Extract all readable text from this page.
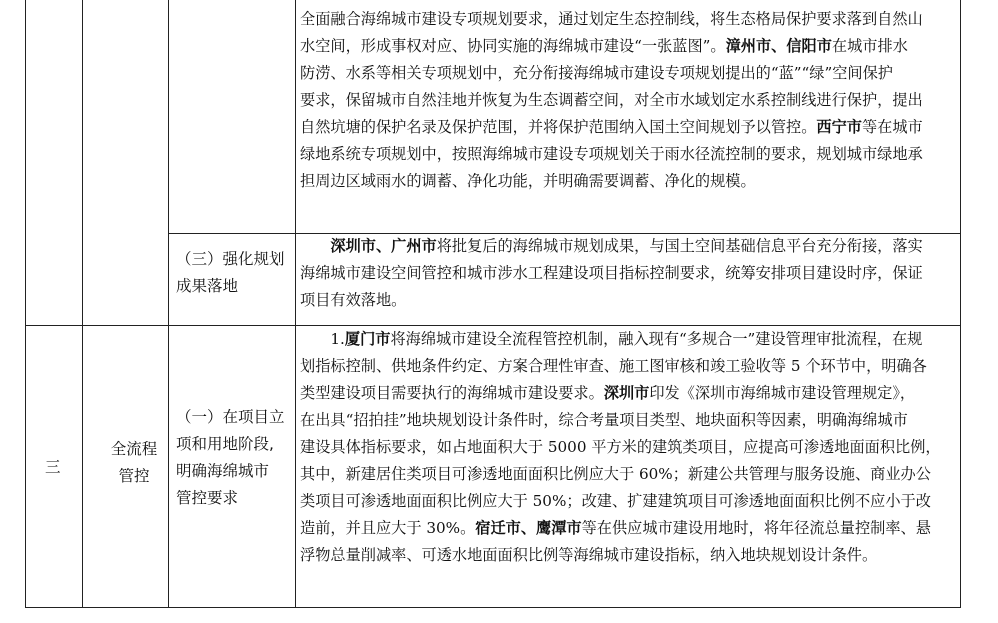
全面融合海绵城市建设专项规划要求，通过划定生态控制线，将生态格局保护要求落到自然山
水空间，形成事权对应、协同实施的海绵城市建设“一张蓝图”。漳州市、信阳市在城市排水
防涝、水系等相关专项规划中，充分衔接海绵城市建设专项规划提出的“蓝”“绿”空间保护
要求，保留城市自然洼地并恢复为生态调蓄空间，对全市水域划定水系控制线进行保护，提出
自然坑塘的保护名录及保护范围，并将保护范围纳入国土空间规划予以管控。西宁市等在城市
绿地系统专项规划中，按照海绵城市建设专项规划关于雨水径流控制的要求，规划城市绿地承
担周边区域雨水的调蓄、净化功能，并明确需要调蓄、净化的规模。
（三）强化规划
成果落地
　　深圳市、广州市将批复后的海绵城市规划成果，与国土空间基础信息平台充分衔接，落实
海绵城市建设空间管控和城市涉水工程建设项目指标控制要求，统筹安排项目建设时序，保证
项目有效落地。
三
全流程
管控
（一）在项目立
项和用地阶段,
明确海绵城市
管控要求
　　1.厦门市将海绵城市建设全流程管控机制，融入现有“多规合一”建设管理审批流程，在规
划指标控制、供地条件约定、方案合理性审查、施工图审核和竣工验收等 5 个环节中，明确各
类型建设项目需要执行的海绵城市建设要求。深圳市印发《深圳市海绵城市建设管理规定》，
在出具“招拍挂”地块规划设计条件时，综合考量项目类型、地块面积等因素，明确海绵城市
建设具体指标要求，如占地面积大于 5000 平方米的建筑类项目，应提高可渗透地面面积比例，
其中，新建居住类项目可渗透地面面积比例应大于 60%；新建公共管理与服务设施、商业办公
类项目可渗透地面面积比例应大于 50%；改建、扩建建筑项目可渗透地面面积比例不应小于改
造前，并且应大于 30%。宿迁市、鹰潭市等在供应城市建设用地时，将年径流总量控制率、悬
浮物总量削减率、可透水地面面积比例等海绵城市建设指标，纳入地块规划设计条件。
